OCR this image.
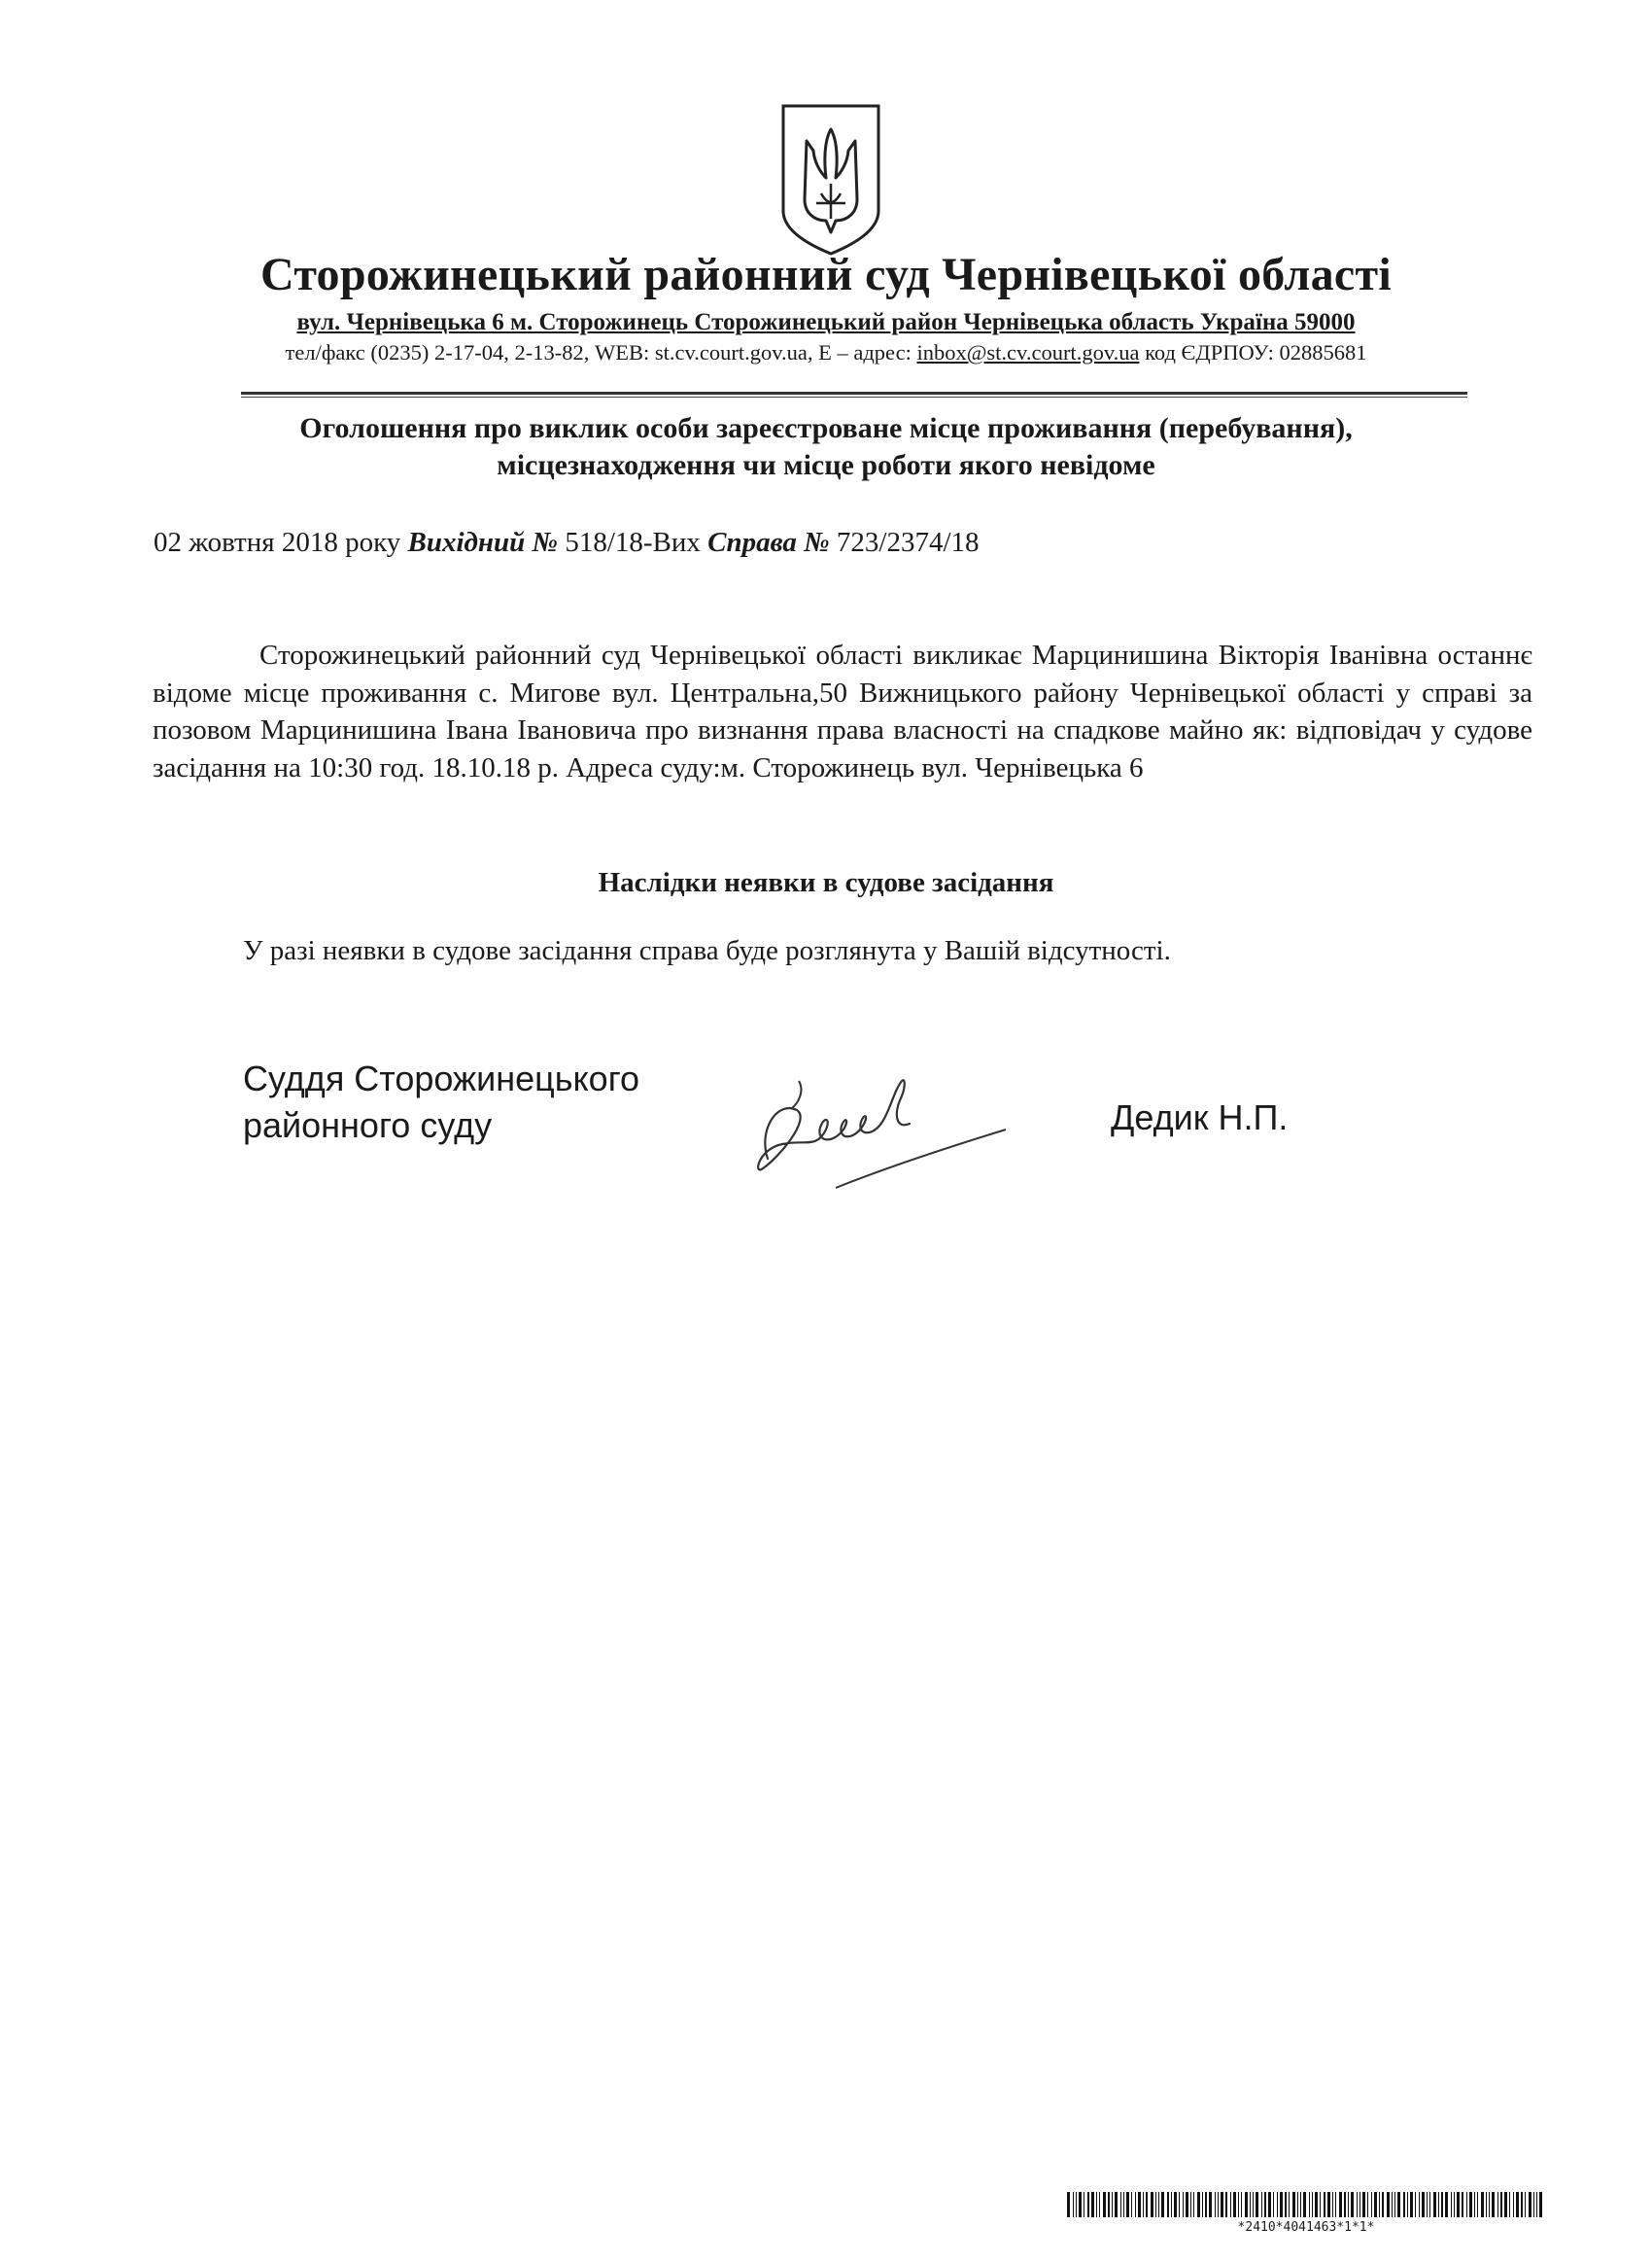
Сторожинецький районний суд Чернівецької області
вул. Чернівецька 6 м. Сторожинець Сторожинецький район Чернівецька область Україна 59000
тел/факс (0235) 2-17-04, 2-13-82, WEB: st.cv.court.gov.ua, E – адрес: inbox@st.cv.court.gov.ua код ЄДРПОУ: 02885681
Оголошення про виклик особи зареєстроване місце проживання (перебування),
місцезнаходження чи місце роботи якого невідоме
02 жовтня 2018 року Вихідний № 518/18-Вих Справа № 723/2374/18

Сторожинецький районний суд Чернівецької області викликає Марцинишина Вікторія Іванівна останнє відоме місце проживання с. Мигове вул. Центральна,50 Вижницького району Чернівецької області у справі за позовом Марцинишина Івана Івановича про визнання права власності на спадкове майно як: відповідач у судове засідання на 10:30 год. 18.10.18 р. Адреса суду:м. Сторожинець вул. Чернівецька 6

Наслідки неявки в судове засідання
У разі неявки в судове засідання справа буде розглянута у Вашій відсутності.
Суддя Сторожинецького
районного суду	Дедик Н.П.
*2410*4041463*1*1*
